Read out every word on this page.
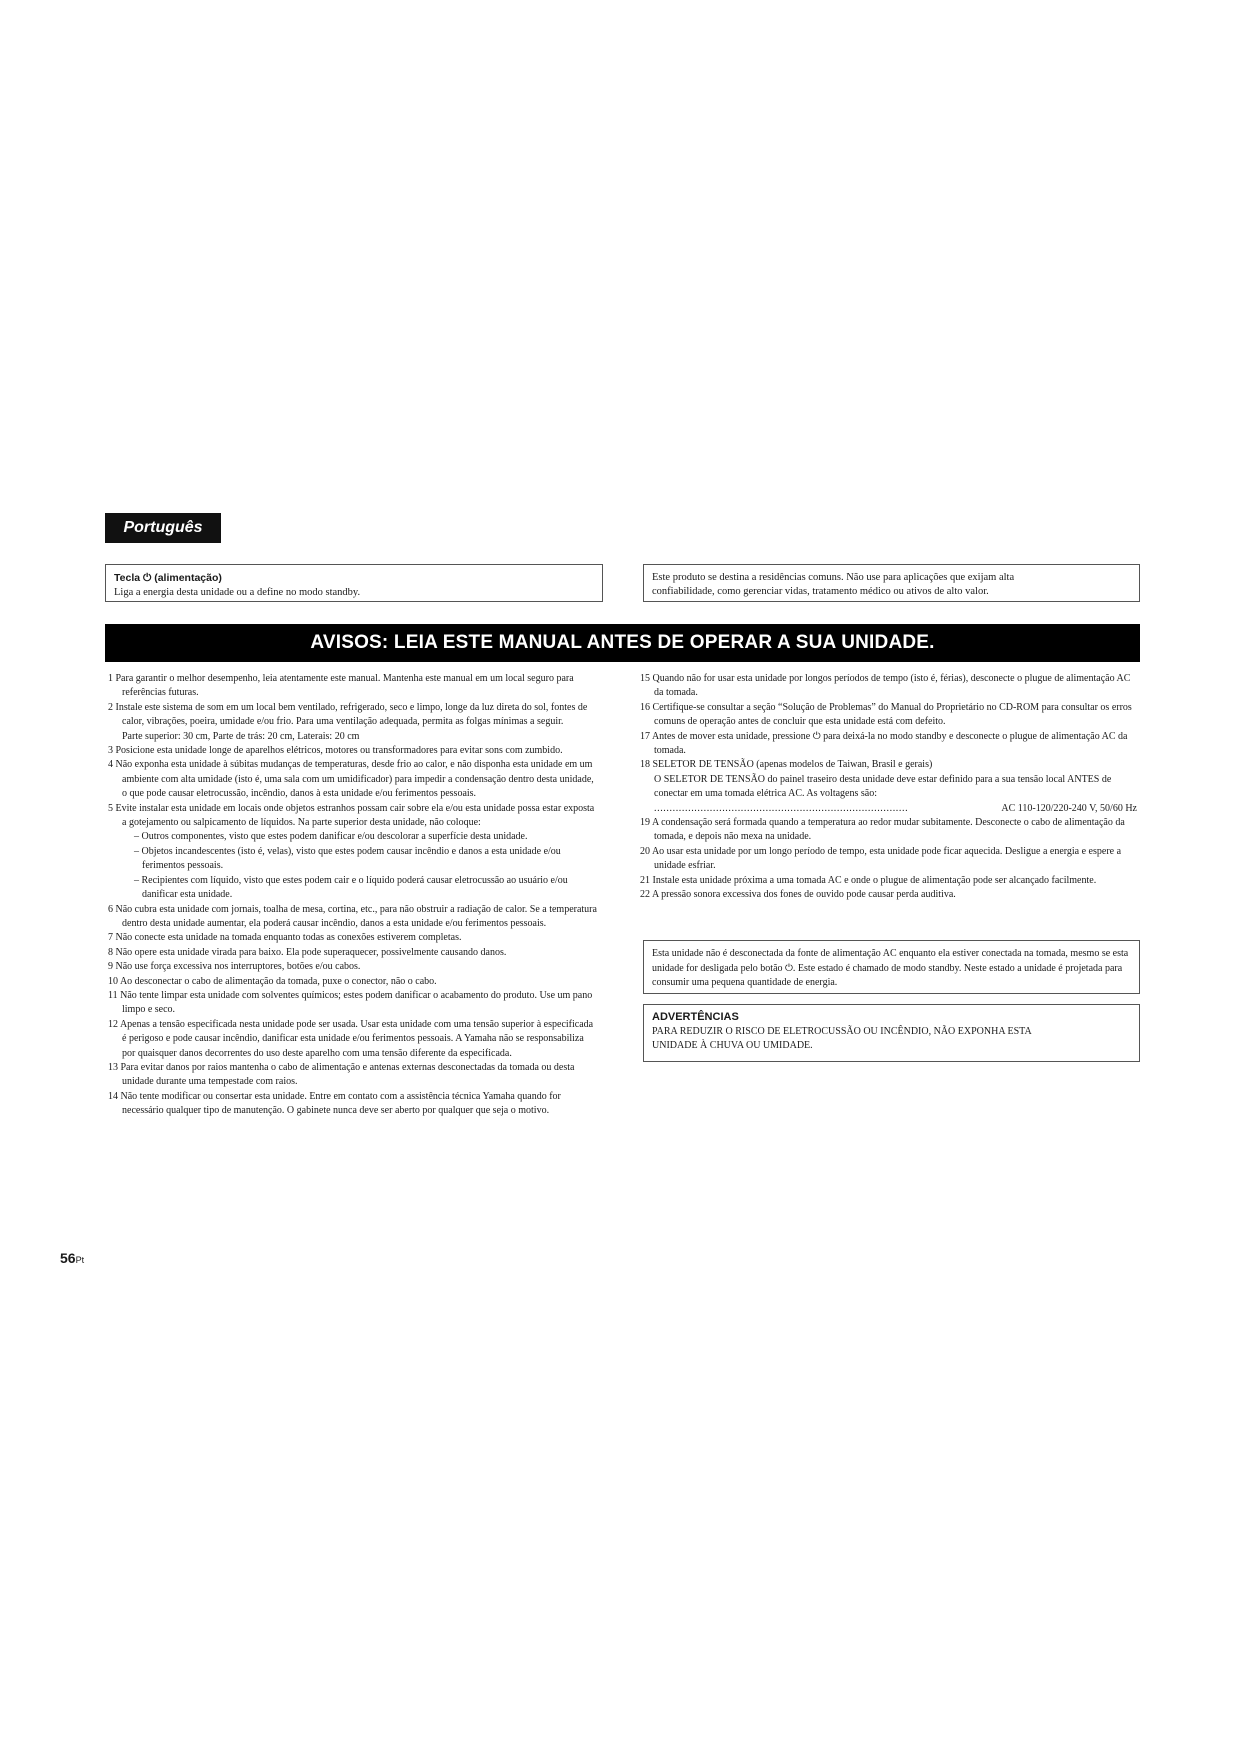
Português
Tecla ⏻ (alimentação)
Liga a energia desta unidade ou a define no modo standby.
Este produto se destina a residências comuns. Não use para aplicações que exijam alta
confiabilidade, como gerenciar vidas, tratamento médico ou ativos de alto valor.
AVISOS: LEIA ESTE MANUAL ANTES DE OPERAR A SUA UNIDADE.

1 Para garantir o melhor desempenho, leia atentamente este manual. Mantenha este manual em um local seguro para referências futuras.

2 Instale este sistema de som em um local bem ventilado, refrigerado, seco e limpo, longe da luz direta do sol, fontes de calor, vibrações, poeira, umidade e/ou frio. Para uma ventilação adequada, permita as folgas mínimas a seguir.
Parte superior: 30 cm, Parte de trás: 20 cm, Laterais: 20 cm

3 Posicione esta unidade longe de aparelhos elétricos, motores ou transformadores para evitar sons com zumbido.

4 Não exponha esta unidade à súbitas mudanças de temperaturas, desde frio ao calor, e não disponha esta unidade em um ambiente com alta umidade (isto é, uma sala com um umidificador) para impedir a condensação dentro desta unidade, o que pode causar eletrocussão, incêndio, danos à esta unidade e/ou ferimentos pessoais.

5 Evite instalar esta unidade em locais onde objetos estranhos possam cair sobre ela e/ou esta unidade possa estar exposta a gotejamento ou salpicamento de líquidos. Na parte superior desta unidade, não coloque:
– Outros componentes, visto que estes podem danificar e/ou descolorar a superfície desta unidade.
– Objetos incandescentes (isto é, velas), visto que estes podem causar incêndio e danos a esta unidade e/ou ferimentos pessoais.
– Recipientes com líquido, visto que estes podem cair e o líquido poderá causar eletrocussão ao usuário e/ou danificar esta unidade.

6 Não cubra esta unidade com jornais, toalha de mesa, cortina, etc., para não obstruir a radiação de calor. Se a temperatura dentro desta unidade aumentar, ela poderá causar incêndio, danos a esta unidade e/ou ferimentos pessoais.

7 Não conecte esta unidade na tomada enquanto todas as conexões estiverem completas.

8 Não opere esta unidade virada para baixo. Ela pode superaquecer, possivelmente causando danos.

9 Não use força excessiva nos interruptores, botões e/ou cabos.

10 Ao desconectar o cabo de alimentação da tomada, puxe o conector, não o cabo.

11 Não tente limpar esta unidade com solventes químicos; estes podem danificar o acabamento do produto. Use um pano limpo e seco.

12 Apenas a tensão especificada nesta unidade pode ser usada. Usar esta unidade com uma tensão superior à especificada é perigoso e pode causar incêndio, danificar esta unidade e/ou ferimentos pessoais. A Yamaha não se responsabiliza por quaisquer danos decorrentes do uso deste aparelho com uma tensão diferente da especificada.

13 Para evitar danos por raios mantenha o cabo de alimentação e antenas externas desconectadas da tomada ou desta unidade durante uma tempestade com raios.

14 Não tente modificar ou consertar esta unidade. Entre em contato com a assistência técnica Yamaha quando for necessário qualquer tipo de manutenção. O gabinete nunca deve ser aberto por qualquer que seja o motivo.

15 Quando não for usar esta unidade por longos períodos de tempo (isto é, férias), desconecte o plugue de alimentação AC da tomada.

16 Certifique-se consultar a seção “Solução de Problemas” do Manual do Proprietário no CD-ROM para consultar os erros comuns de operação antes de concluir que esta unidade está com defeito.

17 Antes de mover esta unidade, pressione ⏻ para deixá-la no modo standby e desconecte o plugue de alimentação AC da tomada.

18 SELETOR DE TENSÃO (apenas modelos de Taiwan, Brasil e gerais)
O SELETOR DE TENSÃO do painel traseiro desta unidade deve estar definido para a sua tensão local ANTES de conectar em uma tomada elétrica AC. As voltagens são:
..................................................................................	AC 110-120/220-240 V, 50/60 Hz

19 A condensação será formada quando a temperatura ao redor mudar subitamente. Desconecte o cabo de alimentação da tomada, e depois não mexa na unidade.

20 Ao usar esta unidade por um longo período de tempo, esta unidade pode ficar aquecida. Desligue a energia e espere a unidade esfriar.

21 Instale esta unidade próxima a uma tomada AC e onde o plugue de alimentação pode ser alcançado facilmente.

22 A pressão sonora excessiva dos fones de ouvido pode causar perda auditiva.

Esta unidade não é desconectada da fonte de alimentação AC enquanto ela estiver conectada na tomada, mesmo se esta unidade for desligada pelo botão ⏻. Este estado é chamado de modo standby. Neste estado a unidade é projetada para consumir uma pequena quantidade de energia.
ADVERTÊNCIAS
PARA REDUZIR O RISCO DE ELETROCUSSÃO OU INCÊNDIO, NÃO EXPONHA ESTA
UNIDADE À CHUVA OU UMIDADE.
56Pt
